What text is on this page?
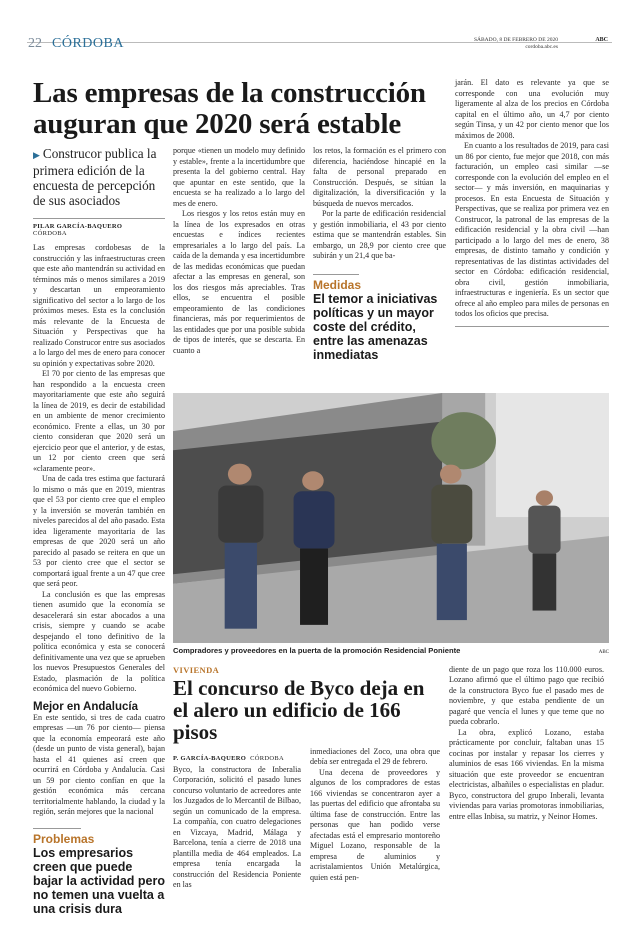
22 CÓRDOBA	SÁBADO, 8 DE FEBRERO DE 2020
cordoba.abc.es
ABC
Las empresas de la construcción auguran que 2020 será estable
▶ Construcor publica la primera edición de la encuesta de percepción de sus asociados
PILAR GARCÍA-BAQUERO
CÓRDOBA

Las empresas cordobesas de la construcción y las infraestructuras creen que este año mantendrán su actividad en términos más o menos similares a 2019 y descartan un empeoramiento significativo del sector a lo largo de los próximos meses. Esta es la conclusión más relevante de la Encuesta de Situación y Perspectivas que ha realizado Construcor entre sus asociados a lo largo del mes de enero para conocer su opinión y expectativas sobre 2020.

El 70 por ciento de las empresas que han respondido a la encuesta creen mayoritariamente que este año seguirá la línea de 2019, es decir de estabilidad en un ambiente de menor crecimiento económico. Frente a ellas, un 30 por ciento consideran que 2020 será un ejercicio peor que el anterior, y de estas, un 12 por ciento creen que será «claramente peor».

Una de cada tres estima que facturará lo mismo o más que en 2019, mientras que el 53 por ciento cree que el empleo y la inversión se moverán también en niveles parecidos al del año pasado. Esta idea ligeramente mayoritaria de las empresas de que 2020 será un año parecido al pasado se reitera en que un 53 por ciento cree que el sector se comportará igual frente a un 47 que cree que será peor.

La conclusión es que las empresas tienen asumido que la economía se desacelerará sin estar abocados a una crisis, siempre y cuando se acabe despejando el tono definitivo de la política económica y esta se conocerá definitivamente una vez que se aprueben los nuevos Presupuestos Generales del Estado, plasmación de la política económica del nuevo Gobierno.

Mejor en Andalucía

En este sentido, si tres de cada cuatro empresas —un 76 por ciento— piensa que la economía empeorará este año (desde un punto de vista general), bajan hasta el 41 quienes así creen que ocurrirá en Córdoba y Andalucía. Casi un 59 por ciento confían en que la gestión económica más cercana territorialmente hablando, la ciudad y la región, serán mejores que la nacional

Problemas
Los empresarios creen que puede bajar la actividad pero no temen una vuelta a una crisis dura

porque «tienen un modelo muy definido y estable», frente a la incertidumbre que presenta la del gobierno central. Hay que apuntar en este sentido, que la encuesta se ha realizado a lo largo del mes de enero.

Los riesgos y los retos están muy en la línea de los expresados en otras encuestas e índices recientes empresariales a lo largo del país. La caída de la demanda y esa incertidumbre de las medidas económicas que puedan afectar a las empresas en general, son los dos riesgos más apreciables. Tras ellos, se encuentra el posible empeoramiento de las condiciones financieras, más por requerimientos de las entidades que por una posible subida de tipos de interés, que se descarta. En cuanto a

los retos, la formación es el primero con diferencia, haciéndose hincapié en la falta de personal preparado en Construcción. Después, se sitúan la digitalización, la diversificación y la búsqueda de nuevos mercados.

Por la parte de edificación residencial y gestión inmobiliaria, el 43 por ciento estima que se mantendrán estables. Sin embargo, un 28,9 por ciento cree que subirán y un 21,4 que ba-

Medidas
El temor a iniciativas políticas y un mayor coste del crédito, entre las amenazas inmediatas

jarán. El dato es relevante ya que se corresponde con una evolución muy ligeramente al alza de los precios en Córdoba capital en el último año, un 4,7 por ciento según Tinsa, y un 42 por ciento menor que los máximos de 2008.

En cuanto a los resultados de 2019, para casi un 86 por ciento, fue mejor que 2018, con más facturación, un empleo casi similar —se corresponde con la evolución del empleo en el sector— y más inversión, en maquinarias y procesos. En esta Encuesta de Situación y Perspectivas, que se realiza por primera vez en Construcor, la patronal de las empresas de la edificación residencial y la obra civil —han participado a lo largo del mes de enero, 38 empresas, de distinto tamaño y condición y representativas de las distintas actividades del sector en Córdoba: edificación residencial, obra civil, gestión inmobiliaria, infraestructuras e ingeniería. Es un sector que ofrece al año empleo para miles de personas en todos los oficios que precisa.

Compradores y proveedores en la puerta de la promoción Residencial Poniente	ABC
VIVIENDA
El concurso de Byco deja en el alero un edificio de 166 pisos
P. GARCÍA-BAQUERO CÓRDOBA

Byco, la constructora de Inberalia Corporación, solicitó el pasado lunes concurso voluntario de acreedores ante los Juzgados de lo Mercantil de Bilbao, según un comunicado de la empresa. La compañía, con cuatro delegaciones en Vizcaya, Madrid, Málaga y Barcelona, tenía a cierre de 2018 una plantilla media de 464 empleados. La empresa tenía encargada la construcción del Residencia Poniente en las

inmediaciones del Zoco, una obra que debía ser entregada el 29 de febrero.

Una decena de proveedores y algunos de los compradores de estas 166 viviendas se concentraron ayer a las puertas del edificio que afrontaba su última fase de construcción. Entre las personas que han podido verse afectadas está el empresario montoreño Miguel Lozano, responsable de la empresa de aluminios y acristalamientos Unión Metalúrgica, quien está pen-

diente de un pago que roza los 110.000 euros. Lozano afirmó que el último pago que recibió de la constructora Byco fue el pasado mes de noviembre, y que estaba pendiente de un pagaré que vencía el lunes y que teme que no pueda cobrarlo.

La obra, explicó Lozano, estaba prácticamente por concluir, faltaban unas 15 cocinas por instalar y repasar los cierres y aluminios de esas 166 viviendas. En la misma situación que este proveedor se encuentran electricistas, albañiles o especialistas en pladur. Byco, constructora del grupo Inberali, levanta viviendas para varias promotoras inmobiliarias, entre ellas Inbisa, su matriz, y Neinor Homes.
